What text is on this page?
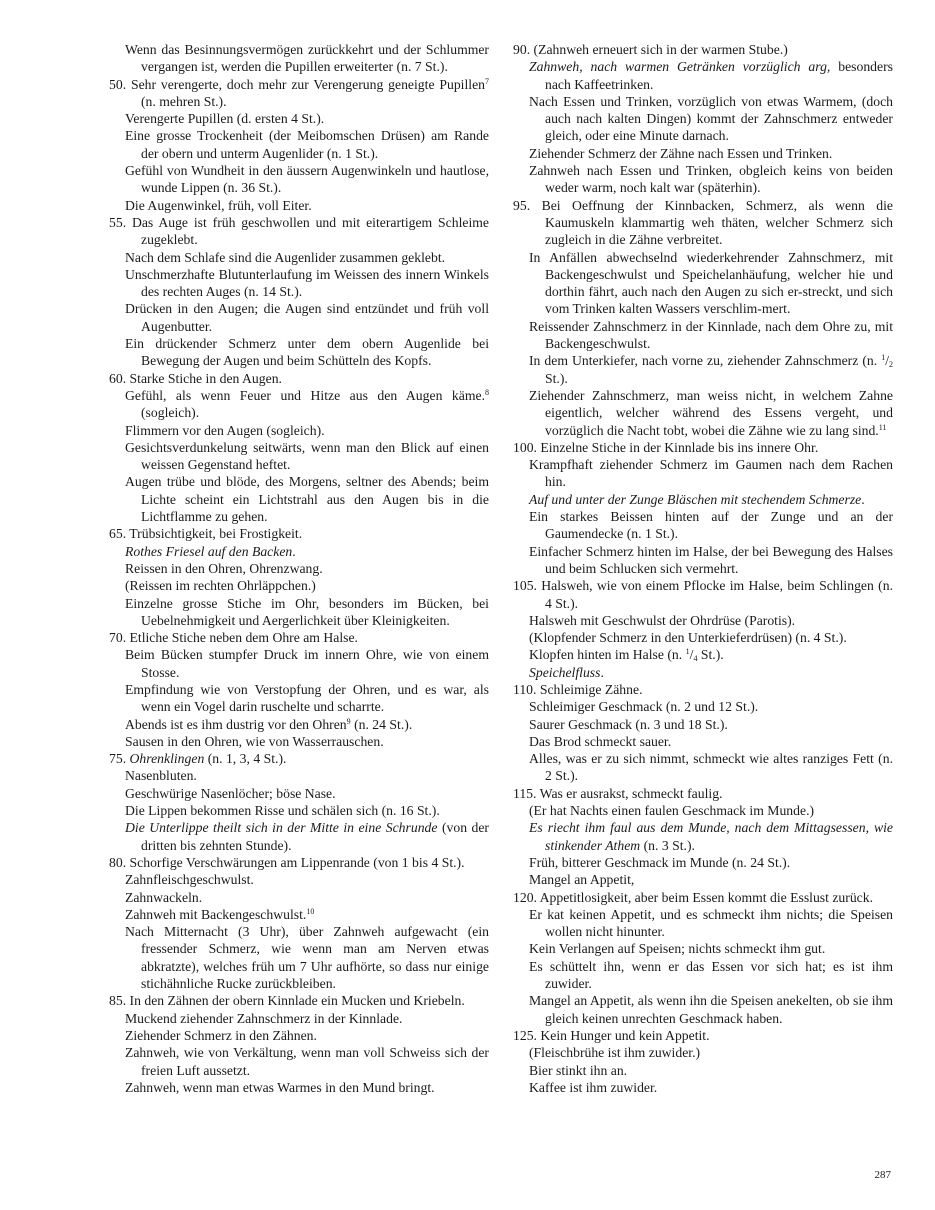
Wenn das Besinnungsvermögen zurückkehrt und der Schlummer vergangen ist, werden die Pupillen erweiterter (n. 7 St.).
50. Sehr verengerte, doch mehr zur Verengerung geneigte Pupillen$^7$ (n. mehren St.).
Verengerte Pupillen (d. ersten 4 St.).
Eine grosse Trockenheit (der Meibomschen Drüsen) am Rande der obern und unterm Augenlider (n. 1 St.).
Gefühl von Wundheit in den äussern Augenwinkeln und hautlose, wunde Lippen (n. 36 St.).
Die Augenwinkel, früh, voll Eiter.
55. Das Auge ist früh geschwollen und mit eiterartigem Schleime zugeklebt.
Nach dem Schlafe sind die Augenlider zusammen geklebt.
Unschmerzhafte Blutunterlaufung im Weissen des innern Winkels des rechten Auges (n. 14 St.).
Drücken in den Augen; die Augen sind entzündet und früh voll Augenbutter.
Ein drückender Schmerz unter dem obern Augenlide bei Bewegung der Augen und beim Schütteln des Kopfs.
60. Starke Stiche in den Augen.
Gefühl, als wenn Feuer und Hitze aus den Augen käme.$^8$ (sogleich).
Flimmern vor den Augen (sogleich).
Gesichtsverdunkelung seitwärts, wenn man den Blick auf einen weissen Gegenstand heftet.
Augen trübe und blöde, des Morgens, seltner des Abends; beim Lichte scheint ein Lichtstrahl aus den Augen bis in die Lichtflamme zu gehen.
65. Trübsichtigkeit, bei Frostigkeit.
Rothes Friesel auf den Backen.
Reissen in den Ohren, Ohrenzwang.
(Reissen im rechten Ohrläppchen.)
Einzelne grosse Stiche im Ohr, besonders im Bücken, bei Uebelnehmigkeit und Aergerlichkeit über Kleinigkeiten.
70. Etliche Stiche neben dem Ohre am Halse.
Beim Bücken stumpfer Druck im innern Ohre, wie von einem Stosse.
Empfindung wie von Verstopfung der Ohren, und es war, als wenn ein Vogel darin ruschelte und scharrte.
Abends ist es ihm dustrig vor den Ohren$^9$ (n. 24 St.).
Sausen in den Ohren, wie von Wasserrauschen.
75. Ohrenklingen (n. 1, 3, 4 St.).
Nasenbluten.
Geschwürige Nasenlöcher; böse Nase.
Die Lippen bekommen Risse und schälen sich (n. 16 St.).
Die Unterlippe theilt sich in der Mitte in eine Schrunde (von der dritten bis zehnten Stunde).
80. Schorfige Verschwärungen am Lippenrande (von 1 bis 4 St.).
Zahnfleischgeschwulst.
Zahnwackeln.
Zahnweh mit Backengeschwulst.$^{10}$
Nach Mitternacht (3 Uhr), über Zahnweh aufgewacht (ein fressender Schmerz, wie wenn man am Nerven etwas abkratzte), welches früh um 7 Uhr aufhörte, so dass nur einige stichähnliche Rucke zurückbleiben.
85. In den Zähnen der obern Kinnlade ein Mucken und Kriebeln.
Muckend ziehender Zahnschmerz in der Kinnlade.
Ziehender Schmerz in den Zähnen.
Zahnweh, wie von Verkältung, wenn man voll Schweiss sich der freien Luft aussetzt.
Zahnweh, wenn man etwas Warmes in den Mund bringt.
90. (Zahnweh erneuert sich in der warmen Stube.)
Zahnweh, nach warmen Getränken vorzüglich arg, besonders nach Kaffeetrinken.
Nach Essen und Trinken, vorzüglich von etwas Warmem, (doch auch nach kalten Dingen) kommt der Zahnschmerz entweder gleich, oder eine Minute darnach.
Ziehender Schmerz der Zähne nach Essen und Trinken.
Zahnweh nach Essen und Trinken, obgleich keins von beiden weder warm, noch kalt war (späterhin).
95. Bei Oeffnung der Kinnbacken, Schmerz, als wenn die Kaumuskeln klammartig weh thäten, welcher Schmerz sich zugleich in die Zähne verbreitet.
In Anfällen abwechselnd wiederkehrender Zahnschmerz, mit Backengeschwulst und Speichelanhäufung, welcher hie und dorthin fährt, auch nach den Augen zu sich er-streckt, und sich vom Trinken kalten Wassers verschlim-mert.
Reissender Zahnschmerz in der Kinnlade, nach dem Ohre zu, mit Backengeschwulst.
In dem Unterkiefer, nach vorne zu, ziehender Zahnschmerz (n. $^1$/2 St.).
Ziehender Zahnschmerz, man weiss nicht, in welchem Zahne eigentlich, welcher während des Essens vergeht, und vorzüglich die Nacht tobt, wobei die Zähne wie zu lang sind.$^{11}$
100. Einzelne Stiche in der Kinnlade bis ins innere Ohr.
Krampfhaft ziehender Schmerz im Gaumen nach dem Rachen hin.
Auf und unter der Zunge Bläschen mit stechendem Schmerze.
Ein starkes Beissen hinten auf der Zunge und an der Gaumendecke (n. 1 St.).
Einfacher Schmerz hinten im Halse, der bei Bewegung des Halses und beim Schlucken sich vermehrt.
105. Halsweh, wie von einem Pflocke im Halse, beim Schlingen (n. 4 St.).
Halsweh mit Geschwulst der Ohrdrüse (Parotis).
(Klopfender Schmerz in den Unterkieferdrüsen) (n. 4 St.).
Klopfen hinten im Halse (n. $^1$/4 St.).
Speichelfluss.
110. Schleimige Zähne.
Schleimiger Geschmack (n. 2 und 12 St.).
Saurer Geschmack (n. 3 und 18 St.).
Das Brod schmeckt sauer.
Alles, was er zu sich nimmt, schmeckt wie altes ranziges Fett (n. 2 St.).
115. Was er ausrakst, schmeckt faulig.
(Er hat Nachts einen faulen Geschmack im Munde.)
Es riecht ihm faul aus dem Munde, nach dem Mittagsessen, wie stinkender Athem (n. 3 St.).
Früh, bitterer Geschmack im Munde (n. 24 St.).
Mangel an Appetit,
120. Appetitlosigkeit, aber beim Essen kommt die Esslust zurück.
Er kat keinen Appetit, und es schmeckt ihm nichts; die Speisen wollen nicht hinunter.
Kein Verlangen auf Speisen; nichts schmeckt ihm gut.
Es schüttelt ihn, wenn er das Essen vor sich hat; es ist ihm zuwider.
Mangel an Appetit, als wenn ihn die Speisen anekelten, ob sie ihm gleich keinen unrechten Geschmack haben.
125. Kein Hunger und kein Appetit.
(Fleischbrühe ist ihm zuwider.)
Bier stinkt ihn an.
Kaffee ist ihm zuwider.
287
